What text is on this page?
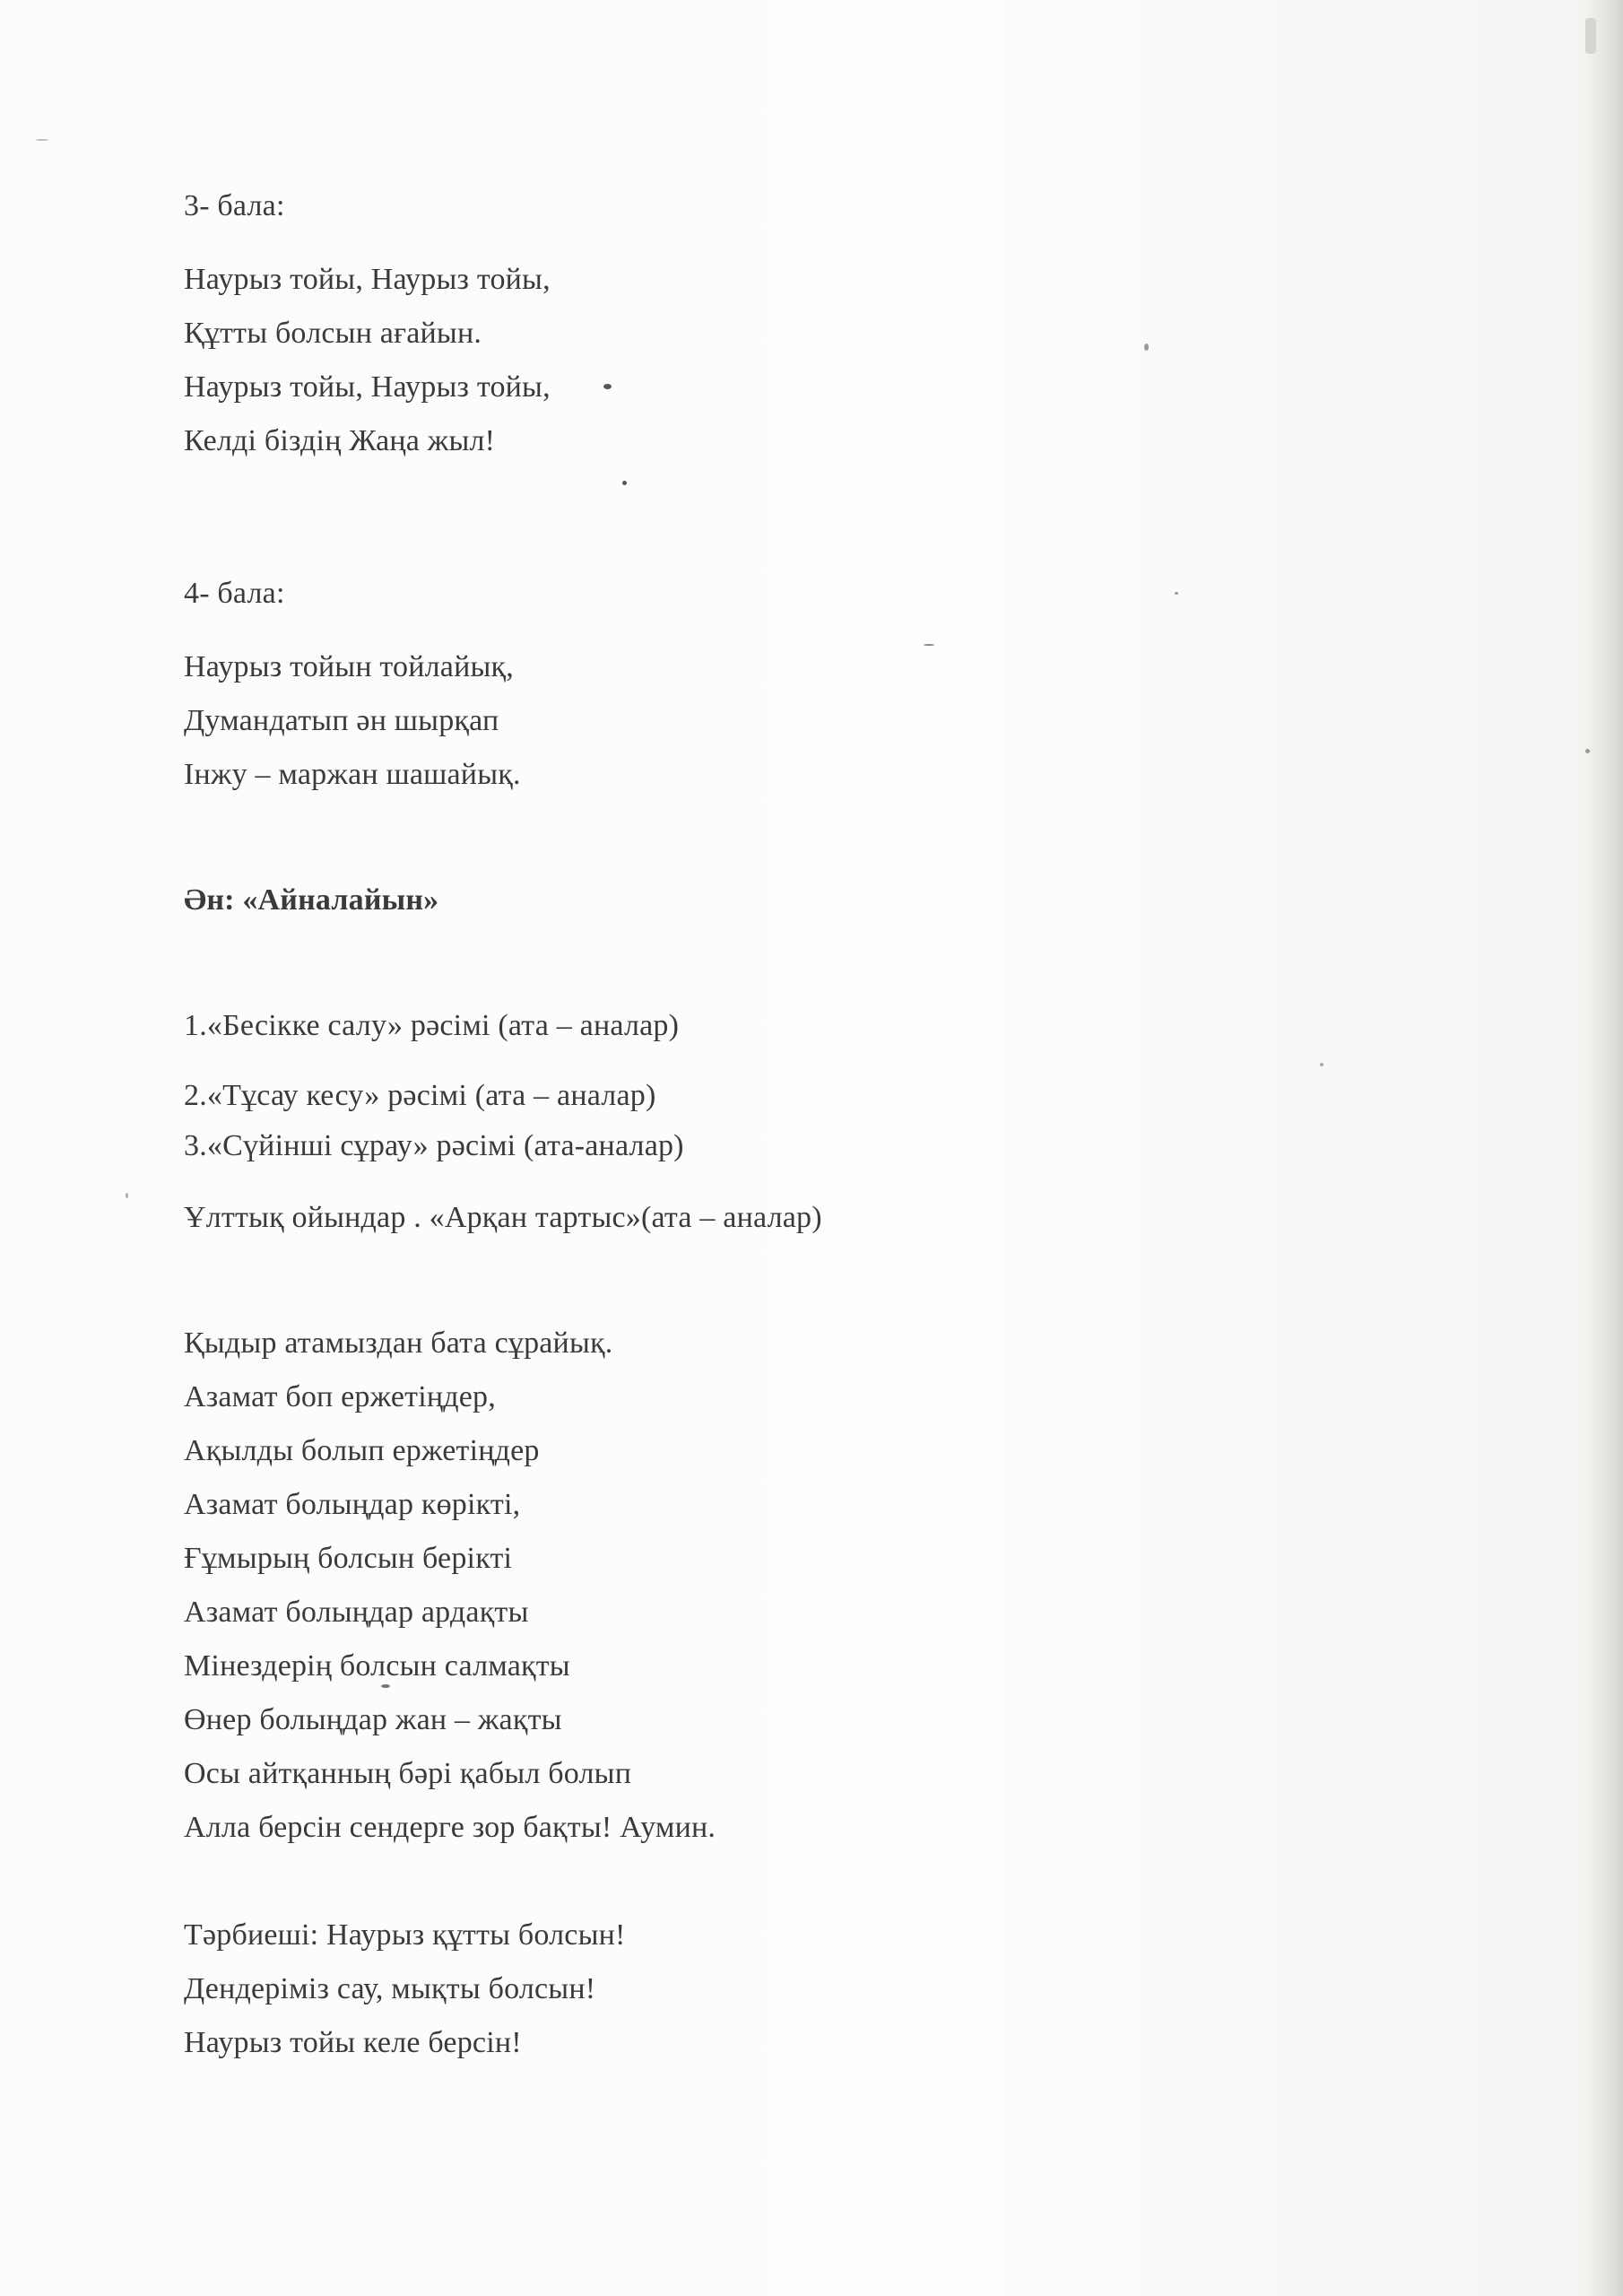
3- бала:
Наурыз тойы, Наурыз тойы,
Құтты болсын ағайын.
Наурыз тойы, Наурыз тойы,
Келді біздің Жаңа жыл!
4- бала:
Наурыз тойын тойлайық,
Думандатып ән шырқап
Інжу – маржан шашайық.
Ән: «Айналайын»
1.«Бесікке салу» рәсімі (ата – аналар)
2.«Тұсау кесу» рәсімі (ата – аналар)
3.«Сүйінші сұрау» рәсімі (ата-аналар)
Ұлттық ойындар . «Арқан тартыс»(ата – аналар)
Қыдыр атамыздан бата сұрайық.
Азамат боп ержетіңдер,
Ақылды болып ержетіңдер
Азамат болыңдар көрікті,
Ғұмырың болсын берікті
Азамат болыңдар ардақты
Мінездерің болсын салмақты
Өнер болыңдар жан – жақты
Осы айтқанның бәрі қабыл болып
Алла берсін сендерге зор бақты! Аумин.
Тәрбиеші: Наурыз құтты болсын!
Дендеріміз сау, мықты болсын!
Наурыз тойы келе берсін!
